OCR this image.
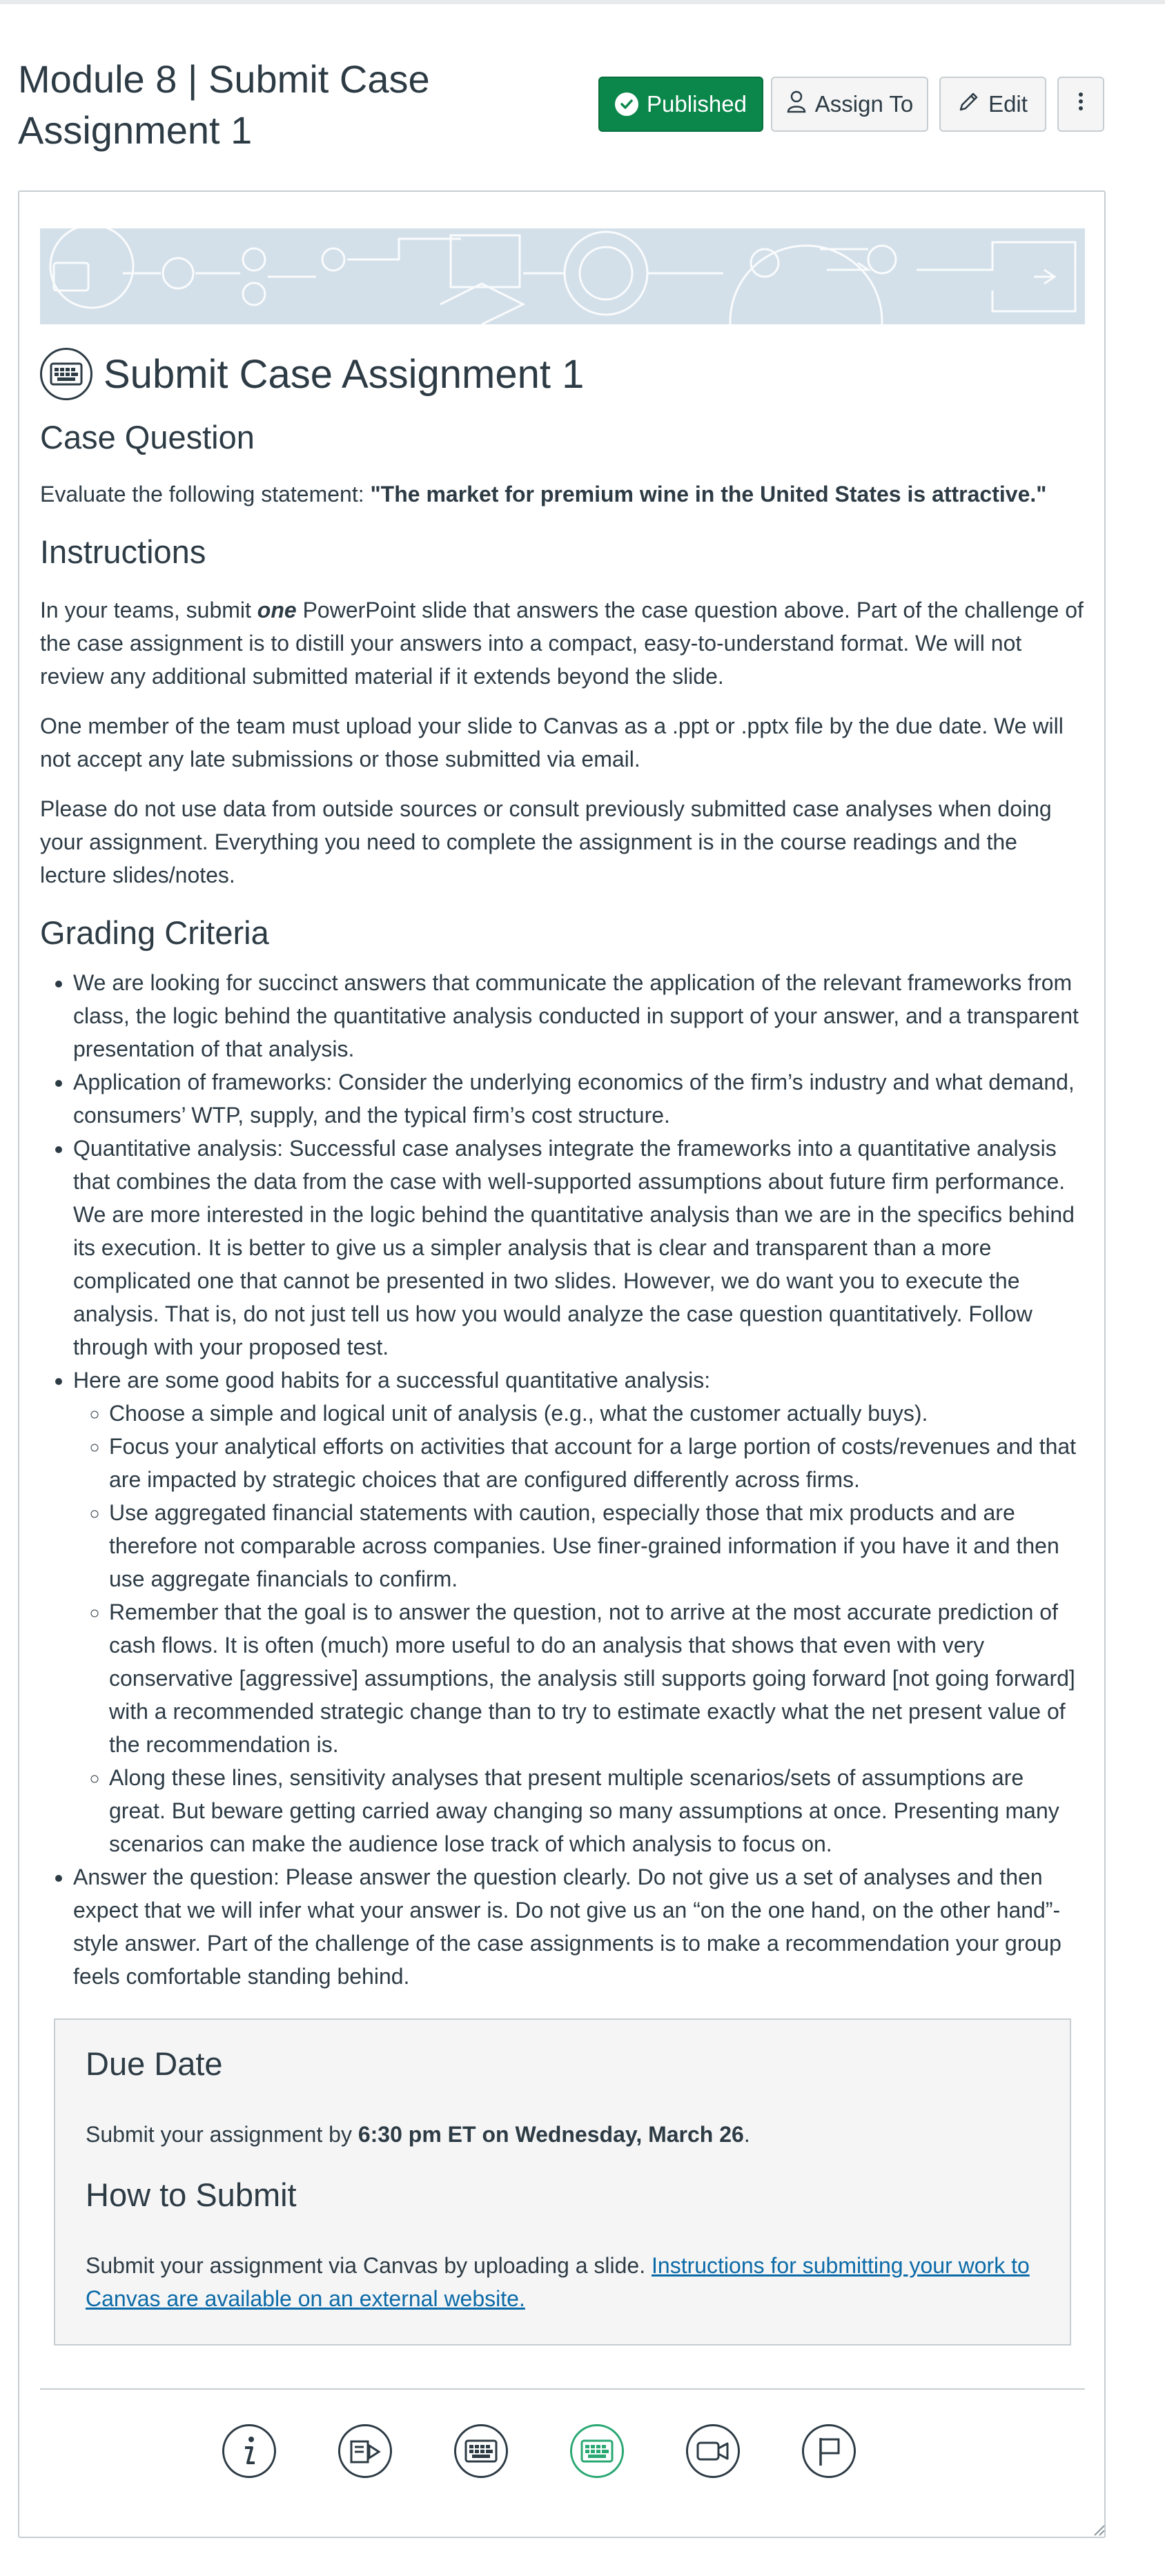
Module 8 | Submit Case Assignment 1
Published	Assign To	Edit
Submit Case Assignment 1
Case Question

Evaluate the following statement: "The market for premium wine in the United States is attractive."

Instructions

In your teams, submit one PowerPoint slide that answers the case question above. Part of the challenge of the case assignment is to distill your answers into a compact, easy-to-understand format. We will not review any additional submitted material if it extends beyond the slide.

One member of the team must upload your slide to Canvas as a .ppt or .pptx file by the due date. We will not accept any late submissions or those submitted via email.

Please do not use data from outside sources or consult previously submitted case analyses when doing your assignment. Everything you need to complete the assignment is in the course readings and the lecture slides/notes.

Grading Criteria
• We are looking for succinct answers that communicate the application of the relevant frameworks from class, the logic behind the quantitative analysis conducted in support of your answer, and a transparent presentation of that analysis.
• Application of frameworks: Consider the underlying economics of the firm’s industry and what demand, consumers’ WTP, supply, and the typical firm’s cost structure.
• Quantitative analysis: Successful case analyses integrate the frameworks into a quantitative analysis that combines the data from the case with well-supported assumptions about future firm performance. We are more interested in the logic behind the quantitative analysis than we are in the specifics behind its execution. It is better to give us a simpler analysis that is clear and transparent than a more complicated one that cannot be presented in two slides. However, we do want you to execute the analysis. That is, do not just tell us how you would analyze the case question quantitatively. Follow through with your proposed test.
• Here are some good habits for a successful quantitative analysis:
◦ Choose a simple and logical unit of analysis (e.g., what the customer actually buys).
◦ Focus your analytical efforts on activities that account for a large portion of costs/revenues and that are impacted by strategic choices that are configured differently across firms.
◦ Use aggregated financial statements with caution, especially those that mix products and are therefore not comparable across companies. Use finer-grained information if you have it and then use aggregate financials to confirm.
◦ Remember that the goal is to answer the question, not to arrive at the most accurate prediction of cash flows. It is often (much) more useful to do an analysis that shows that even with very conservative [aggressive] assumptions, the analysis still supports going forward [not going forward] with a recommended strategic change than to try to estimate exactly what the net present value of the recommendation is.
◦ Along these lines, sensitivity analyses that present multiple scenarios/sets of assumptions are great. But beware getting carried away changing so many assumptions at once. Presenting many scenarios can make the audience lose track of which analysis to focus on.
• Answer the question: Please answer the question clearly. Do not give us a set of analyses and then expect that we will infer what your answer is. Do not give us an “on the one hand, on the other hand”-style answer. Part of the challenge of the case assignments is to make a recommendation your group feels comfortable standing behind.
Due Date

Submit your assignment by 6:30 pm ET on Wednesday, March 26.

How to Submit

Submit your assignment via Canvas by uploading a slide. Instructions for submitting your work to Canvas are available on an external website.
